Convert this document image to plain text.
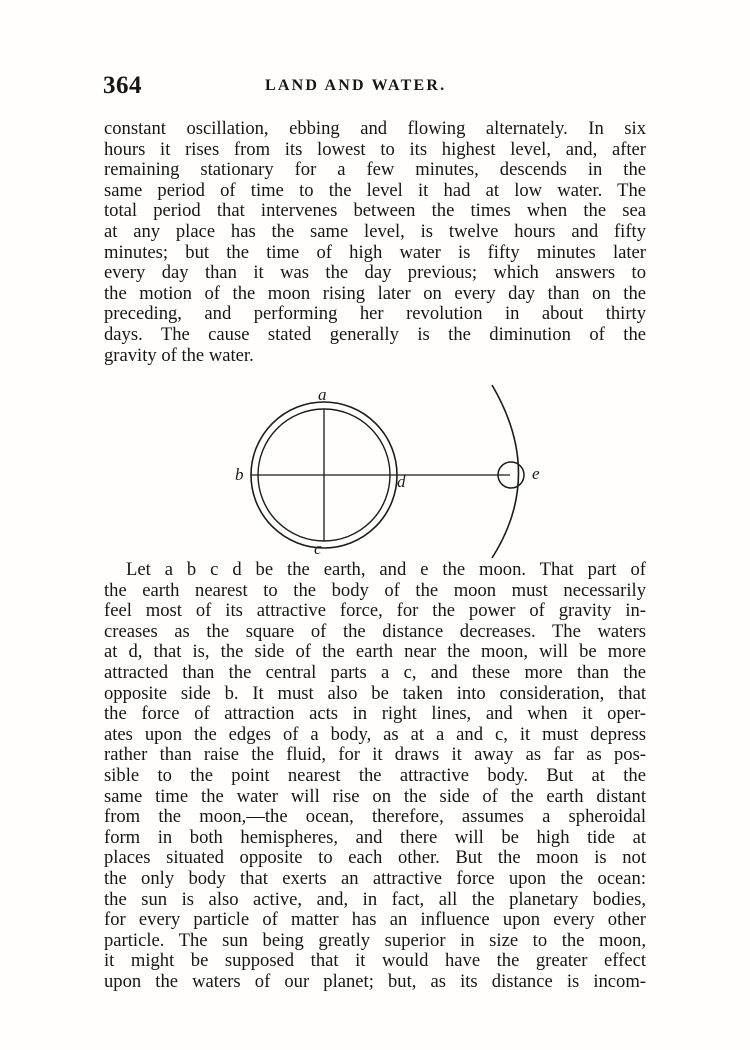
364	LAND AND WATER.
constant oscillation, ebbing and flowing alternately. In six
hours it rises from its lowest to its highest level, and, after
remaining stationary for a few minutes, descends in the
same period of time to the level it had at low water. The
total period that intervenes between the times when the sea
at any place has the same level, is twelve hours and fifty
minutes; but the time of high water is fifty minutes later
every day than it was the day previous; which answers to
the motion of the moon rising later on every day than on the
preceding, and performing her revolution in about thirty
days. The cause stated generally is the diminution of the
gravity of the water.
a
b
c
d	e
Let a b c d be the earth, and e the moon. That part of
the earth nearest to the body of the moon must necessarily
feel most of its attractive force, for the power of gravity in-
creases as the square of the distance decreases. The waters
at d, that is, the side of the earth near the moon, will be more
attracted than the central parts a c, and these more than the
opposite side b. It must also be taken into consideration, that
the force of attraction acts in right lines, and when it oper-
ates upon the edges of a body, as at a and c, it must depress
rather than raise the fluid, for it draws it away as far as pos-
sible to the point nearest the attractive body. But at the
same time the water will rise on the side of the earth distant
from the moon,—the ocean, therefore, assumes a spheroidal
form in both hemispheres, and there will be high tide at
places situated opposite to each other. But the moon is not
the only body that exerts an attractive force upon the ocean:
the sun is also active, and, in fact, all the planetary bodies,
for every particle of matter has an influence upon every other
particle. The sun being greatly superior in size to the moon,
it might be supposed that it would have the greater effect
upon the waters of our planet; but, as its distance is incom-
